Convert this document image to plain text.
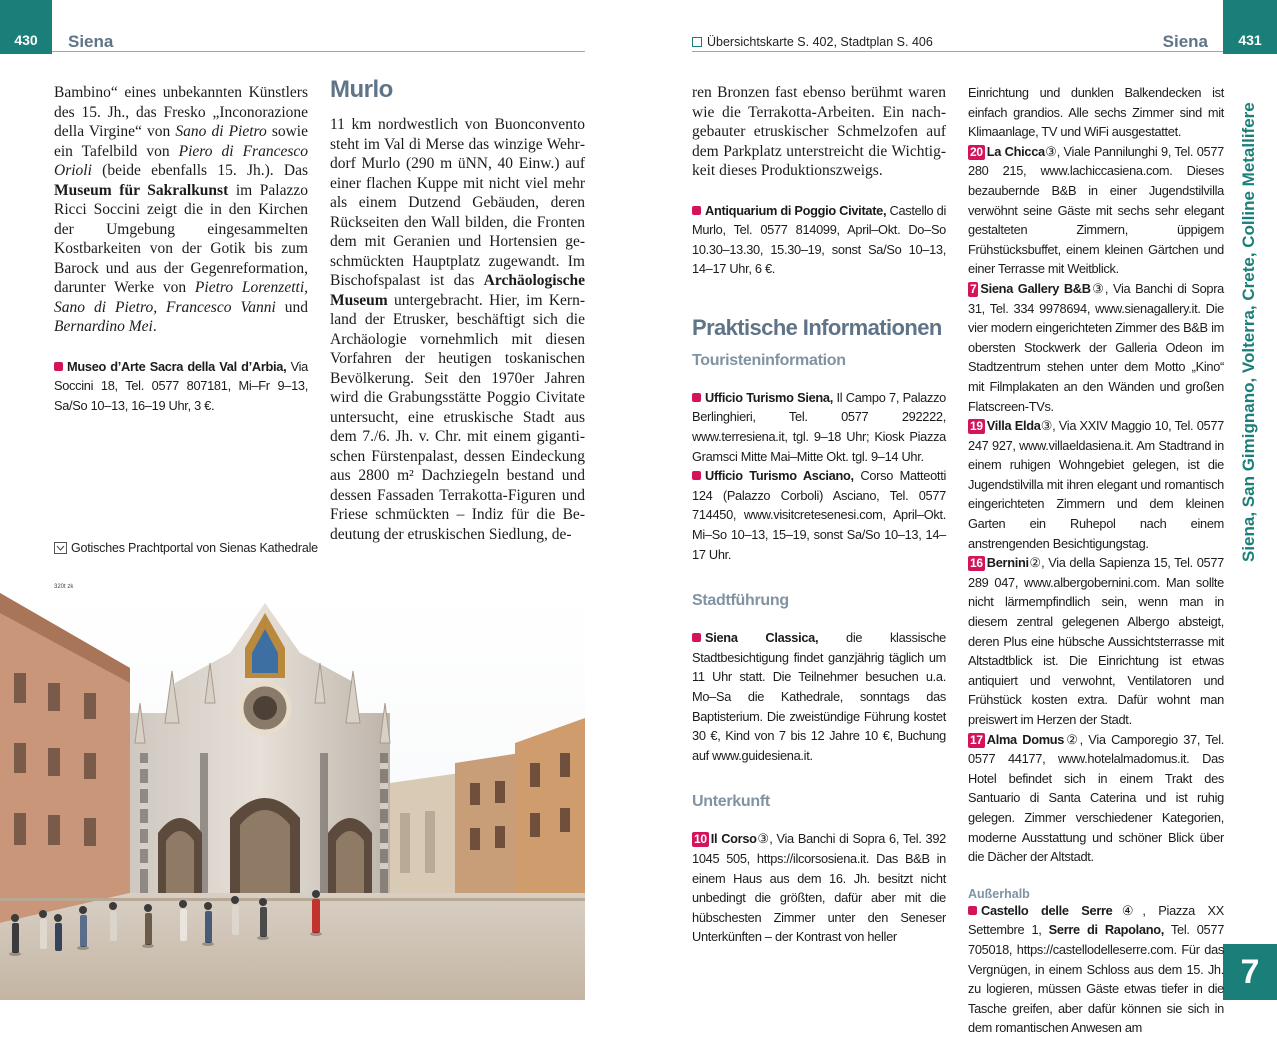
430	Siena	Übersichtskarte S. 402, Stadtplan S. 406	Siena	431
Siena, San Gimignano, Volterra, Crete, Colline Metallifere
7

Bambino“ eines unbekannten Künstlers des 15. Jh., das Fresko „Inconorazione della Virgine“ von Sano di Pietro sowie ein Tafelbild von Piero di Francesco Orioli (beide ebenfalls 15. Jh.). Das Museum für Sakralkunst im Palazzo Ricci Soccini zeigt die in den Kirchen der Umgebung eingesammelten Kostbarkeiten von der Gotik bis zum Barock und aus der Gegenreformation, darunter Werke von Pietro Lorenzetti, Sano di Pietro, Francesco Vanni und Bernardino Mei.

Museo d’Arte Sacra della Val d’Arbia, Via Soccini 18, Tel. 0577 807181, Mi–Fr 9–13, Sa/So 10–13, 16–19 Uhr, 3 €.

Gotisches Prachtportal von Sienas Kathedrale
320t zk
Murlo

11 km nordwestlich von Buonconvento steht im Val di Merse das winzige Wehrdorf Murlo (290 m üNN, 40 Einw.) auf einer flachen Kuppe mit nicht viel mehr als einem Dutzend Gebäuden, deren Rückseiten den Wall bilden, die Fronten dem mit Geranien und Hortensien geschmückten Hauptplatz zugewandt. Im Bischofspalast ist das Archäologische Museum untergebracht. Hier, im Kernland der Etrusker, beschäftigt sich die Archäologie vornehmlich mit diesen Vorfahren der heutigen toskanischen Bevölkerung. Seit den 1970er Jahren wird die Grabungsstätte Poggio Civitate untersucht, eine etruskische Stadt aus dem 7./6. Jh. v. Chr. mit einem gigantischen Fürstenpalast, dessen Eindeckung aus 2800 m² Dachziegeln bestand und dessen Fassaden Terrakotta-Figuren und Friese schmückten – Indiz für die Bedeutung der etruskischen Siedlung, de-

ren Bronzen fast ebenso berühmt waren wie die Terrakotta-Arbeiten. Ein nachgebauter etruskischer Schmelzofen auf dem Parkplatz unterstreicht die Wichtigkeit dieses Produktionszweigs.

Antiquarium di Poggio Civitate, Castello di Murlo, Tel. 0577 814099, April–Okt. Do–So 10.30–13.30, 15.30–19, sonst Sa/So 10–13, 14–17 Uhr, 6 €.

Praktische Informationen
Touristeninformation

Ufficio Turismo Siena, Il Campo 7, Palazzo Berlinghieri, Tel. 0577 292222, www.terresiena.it, tgl. 9–18 Uhr; Kiosk Piazza Gramsci Mitte Mai–Mitte Okt. tgl. 9–14 Uhr.

Ufficio Turismo Asciano, Corso Matteotti 124 (Palazzo Corboli) Asciano, Tel. 0577 714450, www.visitcretesenesi.com, April–Okt. Mi–So 10–13, 15–19, sonst Sa/So 10–13, 14–17 Uhr.

Stadtführung

Siena Classica, die klassische Stadtbesichtigung findet ganzjährig täglich um 11 Uhr statt. Die Teilnehmer besuchen u.a. Mo–Sa die Kathedrale, sonntags das Baptisterium. Die zweistündige Führung kostet 30 €, Kind von 7 bis 12 Jahre 10 €, Buchung auf www.guidesiena.it.

Unterkunft

10 Il Corso③, Via Banchi di Sopra 6, Tel. 392 1045 505, https://ilcorsosiena.it. Das B&B in einem Haus aus dem 16. Jh. besitzt nicht unbedingt die größten, dafür aber mit die hübschesten Zimmer unter den Seneser Unterkünften – der Kontrast von heller

Einrichtung und dunklen Balkendecken ist einfach grandios. Alle sechs Zimmer sind mit Klimaanlage, TV und WiFi ausgestattet.

20 La Chicca③, Viale Pannilunghi 9, Tel. 0577 280 215, www.lachiccasiena.com. Dieses bezaubernde B&B in einer Jugendstilvilla verwöhnt seine Gäste mit sechs sehr elegant gestalteten Zimmern, üppigem Frühstücksbuffet, einem kleinen Gärtchen und einer Terrasse mit Weitblick.

7 Siena Gallery B&B③, Via Banchi di Sopra 31, Tel. 334 9978694, www.sienagallery.it. Die vier modern eingerichteten Zimmer des B&B im obersten Stockwerk der Galleria Odeon im Stadtzentrum stehen unter dem Motto „Kino“ mit Filmplakaten an den Wänden und großen Flatscreen-TVs.

19 Villa Elda③, Via XXIV Maggio 10, Tel. 0577 247 927, www.villaeldasiena.it. Am Stadtrand in einem ruhigen Wohngebiet gelegen, ist die Jugendstilvilla mit ihren elegant und romantisch eingerichteten Zimmern und dem kleinen Garten ein Ruhepol nach einem anstrengenden Besichtigungstag.

16 Bernini②, Via della Sapienza 15, Tel. 0577 289 047, www.albergobernini.com. Man sollte nicht lärmempfindlich sein, wenn man in diesem zentral gelegenen Albergo absteigt, deren Plus eine hübsche Aussichtsterrasse mit Altstadtblick ist. Die Einrichtung ist etwas antiquiert und verwohnt, Ventilatoren und Frühstück kosten extra. Dafür wohnt man preiswert im Herzen der Stadt.

17 Alma Domus②, Via Camporegio 37, Tel. 0577 44177, www.hotelalmadomus.it. Das Hotel befindet sich in einem Trakt des Santuario di Santa Caterina und ist ruhig gelegen. Zimmer verschiedener Kategorien, moderne Ausstattung und schöner Blick über die Dächer der Altstadt.

Außerhalb

Castello delle Serre④, Piazza XX Settembre 1, Serre di Rapolano, Tel. 0577 705018, https://castellodelleserre.com. Für das Vergnügen, in einem Schloss aus dem 15. Jh. zu logieren, müssen Gäste etwas tiefer in die Tasche greifen, aber dafür können sie sich in dem romantischen Anwesen am
